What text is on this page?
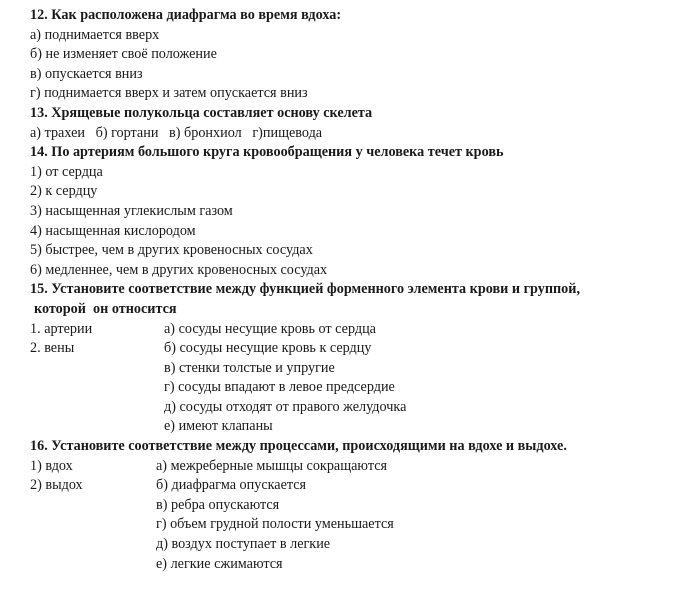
12. Как расположена диафрагма во время вдоха:
а) поднимается вверх
б) не изменяет своё положение
в) опускается вниз
г) поднимается вверх и затем опускается вниз
13. Хрящевые полукольца составляет основу скелета
а) трахеи   б) гортани   в) бронхиол   г)пищевода
14. По артериям большого круга кровообращения у человека течет кровь
1) от сердца
2) к сердцу
3) насыщенная углекислым газом
4) насыщенная кислородом
5) быстрее, чем в других кровеносных сосудах
6) медленнее, чем в других кровеносных сосудах
15. Установите соответствие между функцией форменного элемента крови и группой,
которой  он относится
1. артерии	а) сосуды несущие кровь от сердца
2. вены	б) сосуды несущие кровь к сердцу
в) стенки толстые и упругие
г) сосуды впадают в левое предсердие
д) сосуды отходят от правого желудочка
е) имеют клапаны
16. Установите соответствие между процессами, происходящими на вдохе и выдохе.
1) вдох	а) межреберные мышцы сокращаются
2) выдох	б) диафрагма опускается
в) ребра опускаются
г) объем грудной полости уменьшается
д) воздух поступает в легкие
е) легкие сжимаются
